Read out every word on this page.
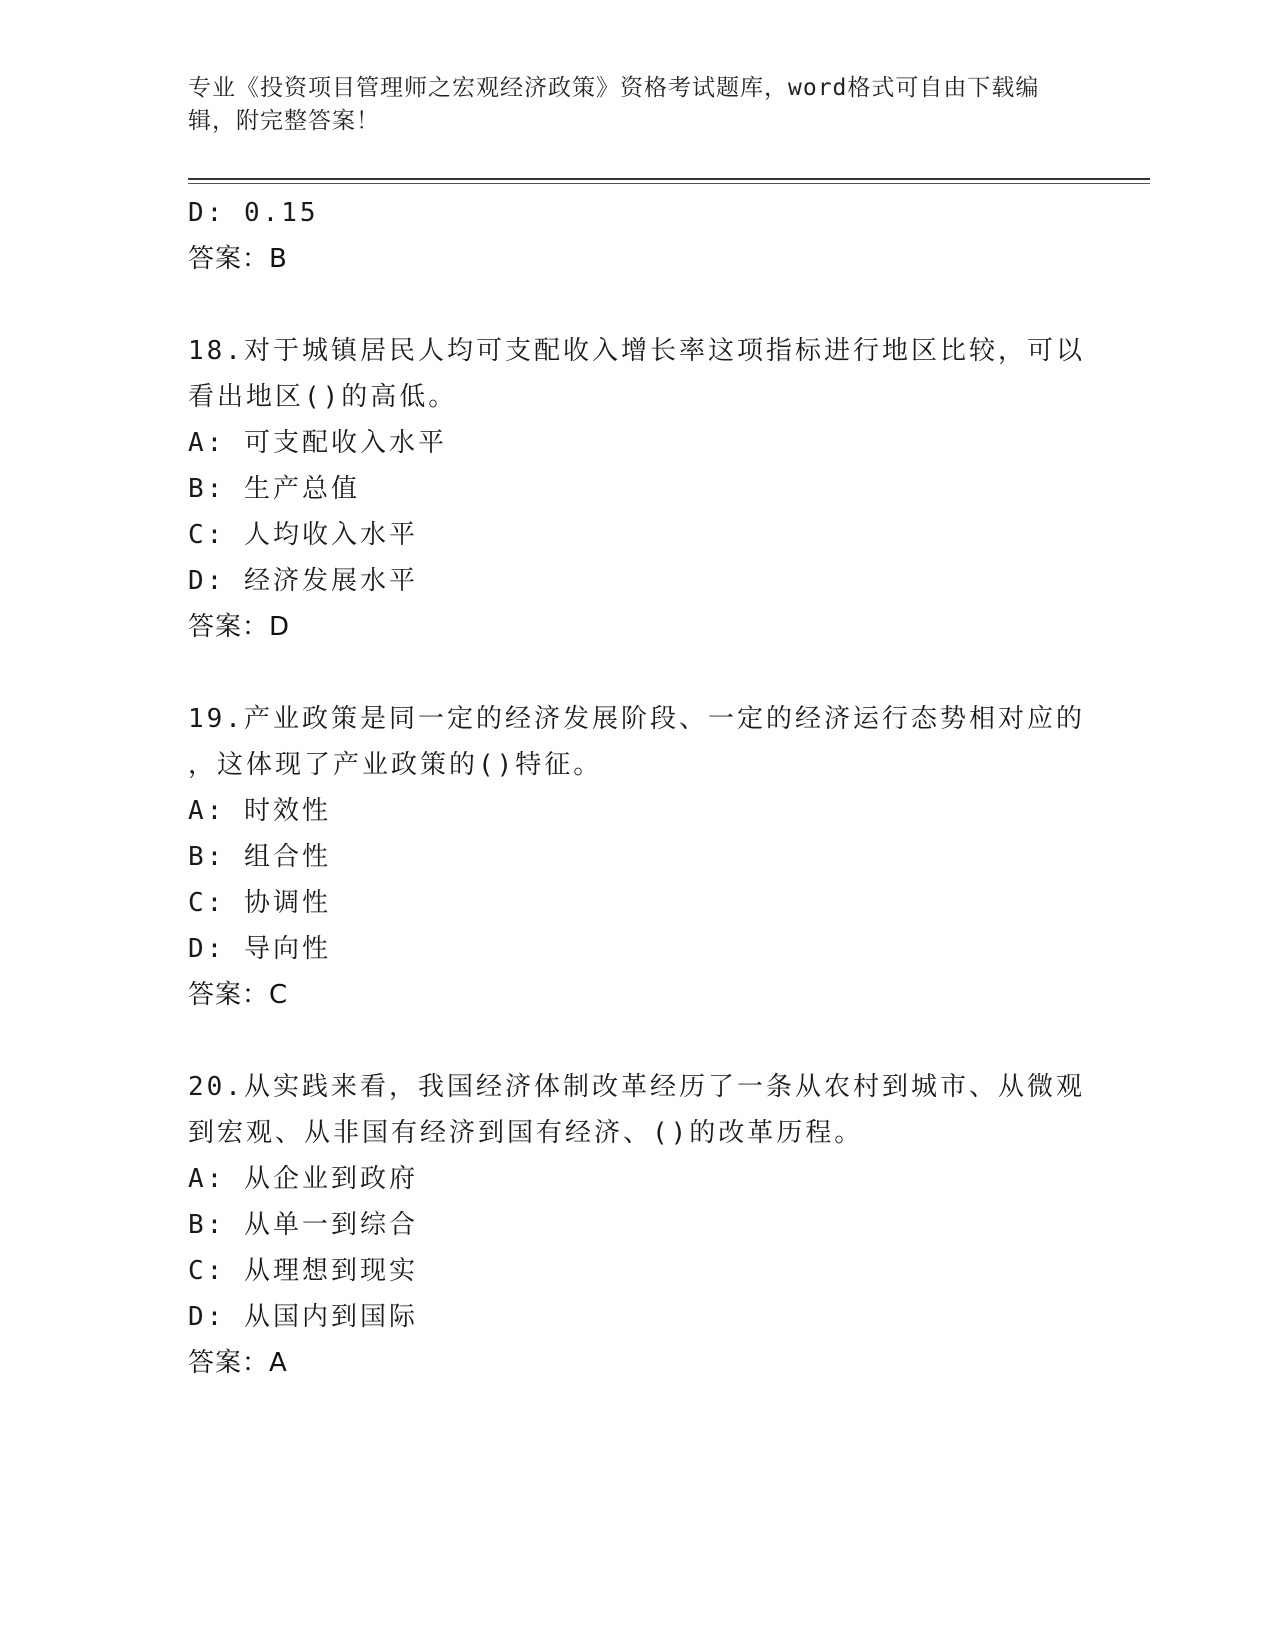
专业《投资项目管理师之宏观经济政策》资格考试题库，word格式可自由下载编
辑，附完整答案！
D: 0.15
答案：B
18.对于城镇居民人均可支配收入增长率这项指标进行地区比较，可以
看出地区()的高低。
A: 可支配收入水平
B: 生产总值
C: 人均收入水平
D: 经济发展水平
答案：D
19.产业政策是同一定的经济发展阶段、一定的经济运行态势相对应的
，这体现了产业政策的()特征。
A: 时效性
B: 组合性
C: 协调性
D: 导向性
答案：C
20.从实践来看，我国经济体制改革经历了一条从农村到城市、从微观
到宏观、从非国有经济到国有经济、()的改革历程。
A: 从企业到政府
B: 从单一到综合
C: 从理想到现实
D: 从国内到国际
答案：A
